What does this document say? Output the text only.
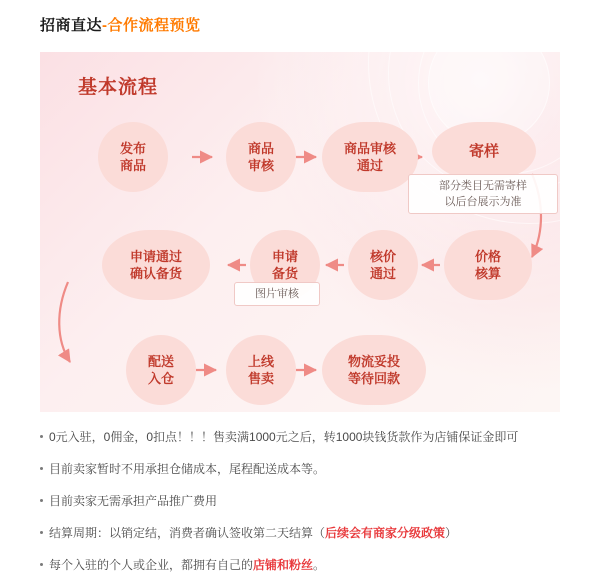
招商直达-合作流程预览
基本流程
发布
商品
商品
审核
商品审核
通过
寄样
部分类目无需寄样
以后台展示为准
价格
核算
核价
通过
申请
备货
图片审核
申请通过
确认备货
配送
入仓
上线
售卖
物流妥投
等待回款
0元入驻，0佣金，0扣点！！！售卖满1000元之后，转1000块钱货款作为店铺保证金即可
目前卖家暂时不用承担仓储成本，尾程配送成本等。
目前卖家无需承担产品推广费用
结算周期：以销定结，消费者确认签收第二天结算（后续会有商家分级政策）
每个入驻的个人或企业，都拥有自己的店铺和粉丝。
